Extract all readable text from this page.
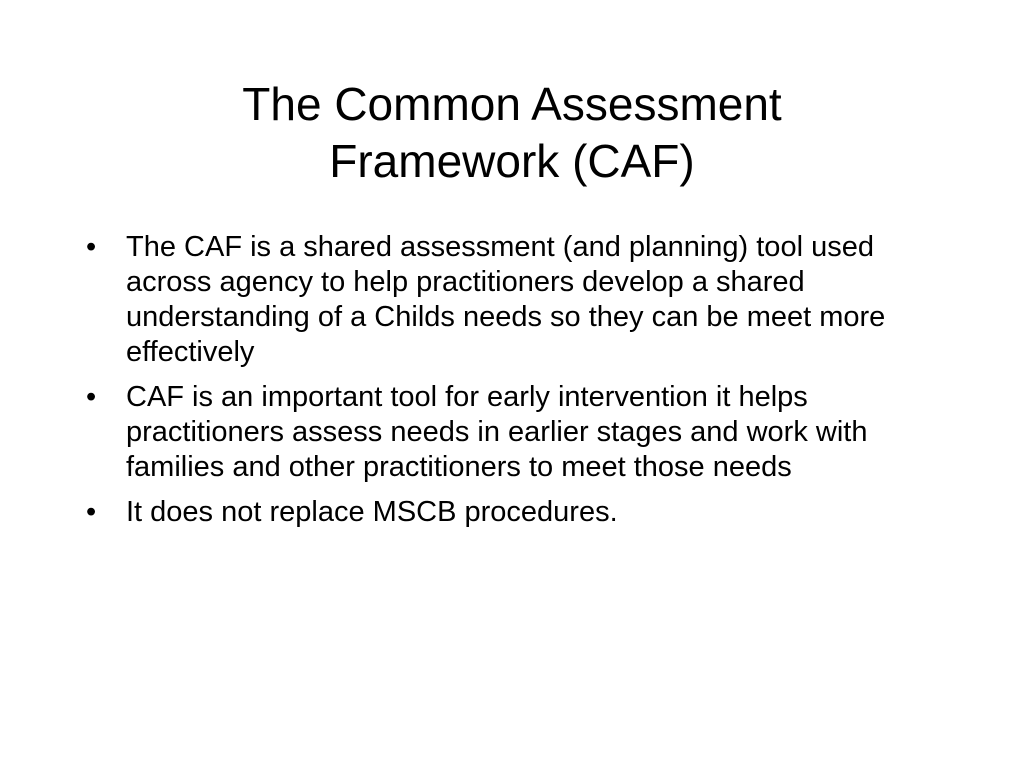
The Common Assessment
Framework (CAF)
•	The CAF is a shared assessment (and planning) tool used across agency to help practitioners develop a shared understanding of a Childs needs so they can be meet more effectively
•	CAF is an important tool for early intervention it helps practitioners assess needs in earlier stages and work with families and other practitioners to meet those needs
•	It does not replace MSCB procedures.
